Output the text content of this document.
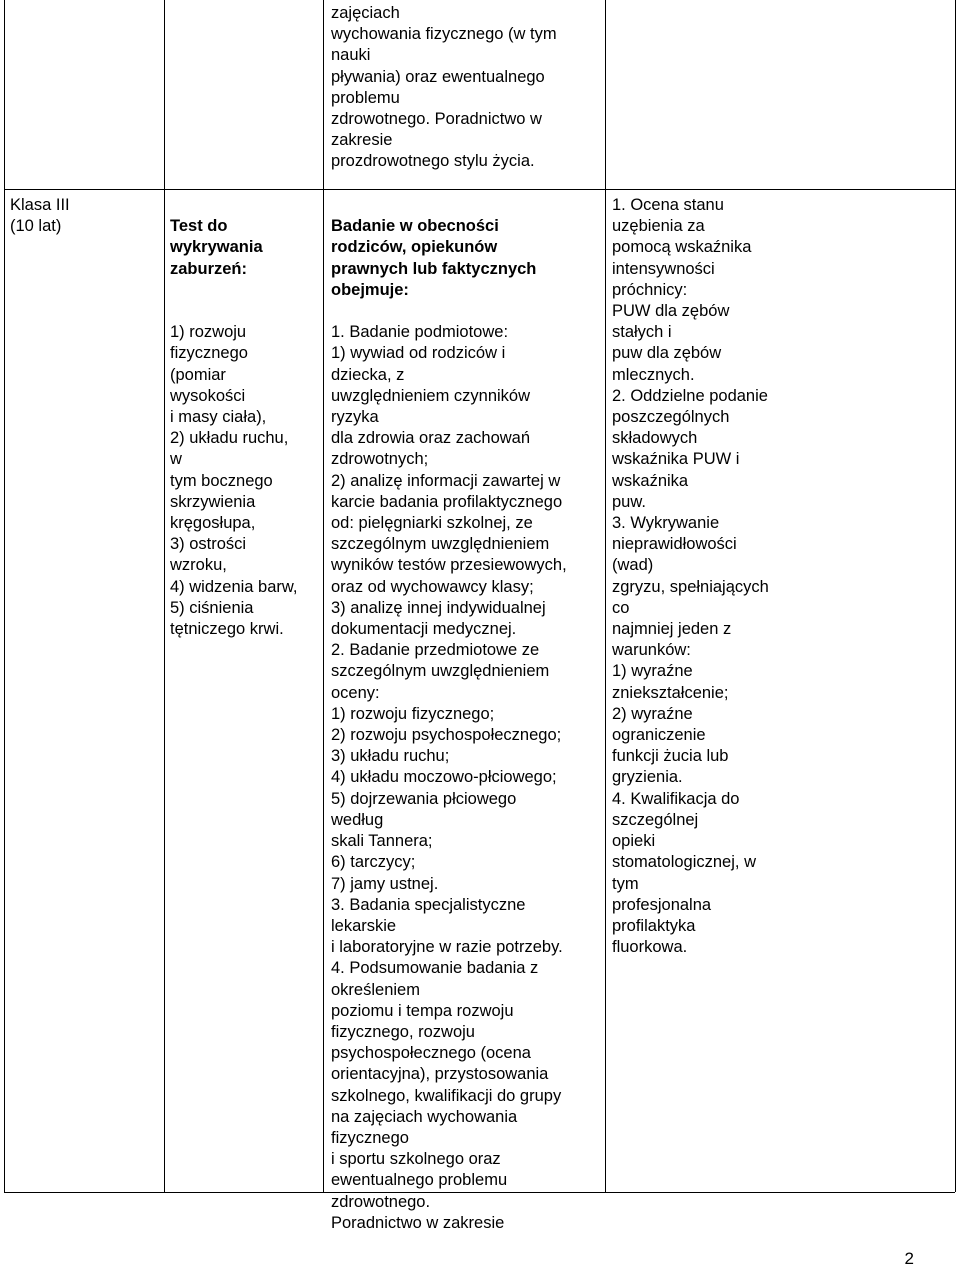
zajęciach
wychowania fizycznego (w tym
nauki
pływania) oraz ewentualnego
problemu
zdrowotnego. Poradnictwo w
zakresie
prozdrowotnego stylu życia.
Klasa III
(10 lat)	Test do
wykrywania
zaburzeń:

1) rozwoju
fizycznego
(pomiar
wysokości
i masy ciała),
2) układu ruchu,
w
tym bocznego
skrzywienia
kręgosłupa,
3) ostrości
wzroku,
4) widzenia barw,
5) ciśnienia
tętniczego krwi.

Badanie w obecności
rodziców, opiekunów
prawnych lub faktycznych
obejmuje:

1. Badanie podmiotowe:
1) wywiad od rodziców i
dziecka, z
uwzględnieniem czynników
ryzyka
dla zdrowia oraz zachowań
zdrowotnych;
2) analizę informacji zawartej w
karcie badania profilaktycznego
od: pielęgniarki szkolnej, ze
szczególnym uwzględnieniem
wyników testów przesiewowych,
oraz od wychowawcy klasy;
3) analizę innej indywidualnej
dokumentacji medycznej.
2. Badanie przedmiotowe ze
szczególnym uwzględnieniem
oceny:
1) rozwoju fizycznego;
2) rozwoju psychospołecznego;
3) układu ruchu;
4) układu moczowo-płciowego;
5) dojrzewania płciowego
według
skali Tannera;
6) tarczycy;
7) jamy ustnej.
3. Badania specjalistyczne
lekarskie
i laboratoryjne w razie potrzeby.
4. Podsumowanie badania z
określeniem
poziomu i tempa rozwoju
fizycznego, rozwoju
psychospołecznego (ocena
orientacyjna), przystosowania
szkolnego, kwalifikacji do grupy
na zajęciach wychowania
fizycznego
i sportu szkolnego oraz
ewentualnego problemu
zdrowotnego.
Poradnictwo w zakresie

1. Ocena stanu
uzębienia za
pomocą wskaźnika
intensywności
próchnicy:
PUW dla zębów
stałych i
puw dla zębów
mlecznych.
2. Oddzielne podanie
poszczególnych
składowych
wskaźnika PUW i
wskaźnika
puw.
3. Wykrywanie
nieprawidłowości
(wad)
zgryzu, spełniających
co
najmniej jeden z
warunków:
1) wyraźne
zniekształcenie;
2) wyraźne
ograniczenie
funkcji żucia lub
gryzienia.
4. Kwalifikacja do
szczególnej
opieki
stomatologicznej, w
tym
profesjonalna
profilaktyka
fluorkowa.
2
